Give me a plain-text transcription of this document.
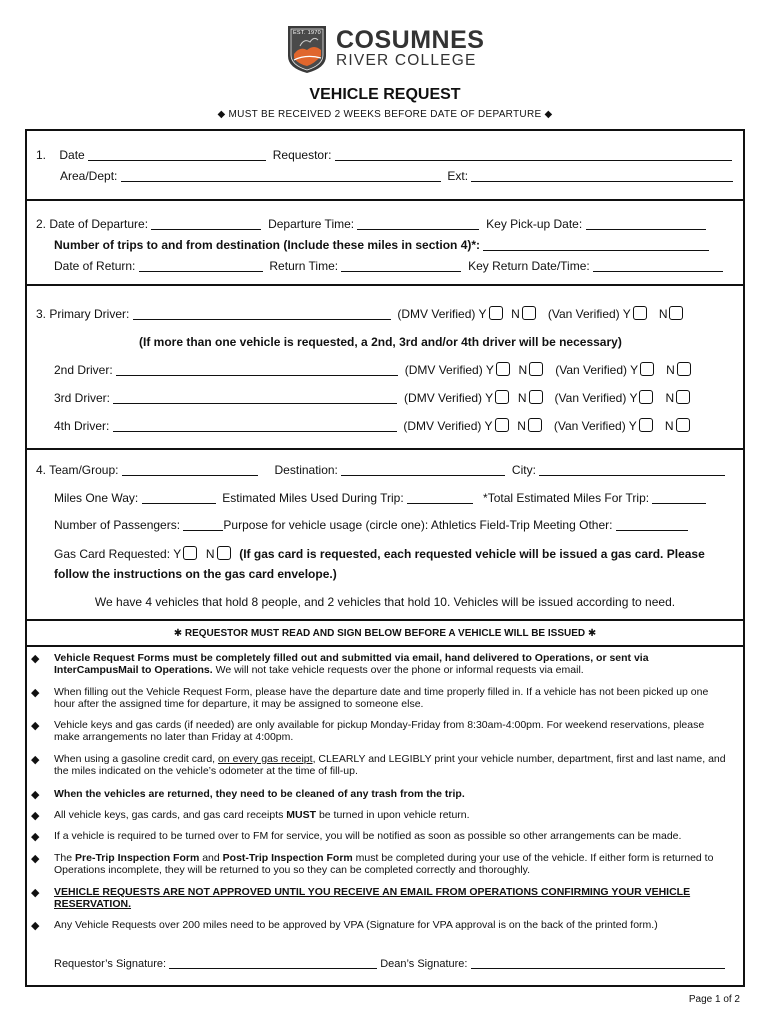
EST. 1970 COSUMNES
RIVER COLLEGE
VEHICLE REQUEST
◆ MUST BE RECEIVED 2 WEEKS BEFORE DATE OF DEPARTURE ◆
1. Date	Requestor:
Area/Dept:	Ext:
2. Date of Departure:	Departure Time:	Key Pick-up Date:
Number of trips to and from destination (Include these miles in section 4)*:
Date of Return:	Return Time:	Key Return Date/Time:
3. Primary Driver:	(DMV Verified) Y N (Van Verified) Y N
(If more than one vehicle is requested, a 2nd, 3rd and/or 4th driver will be necessary)
2nd Driver:	(DMV Verified) Y N (Van Verified) Y N
3rd Driver:	(DMV Verified) Y N (Van Verified) Y N
4th Driver:	(DMV Verified) Y N (Van Verified) Y N
4. Team/Group:	Destination:	City:
Miles One Way:	Estimated Miles Used During Trip:	*Total Estimated Miles For Trip:
Number of Passengers:	Purpose for vehicle usage (circle one): Athletics Field-Trip Meeting Other:
Gas Card Requested: Y N (If gas card is requested, each requested vehicle will be issued a gas card. Please
follow the instructions on the gas card envelope.)
We have 4 vehicles that hold 8 people, and 2 vehicles that hold 10. Vehicles will be issued according to need.
✱ REQUESTOR MUST READ AND SIGN BELOW BEFORE A VEHICLE WILL BE ISSUED ✱
◆ Vehicle Request Forms must be completely filled out and submitted via email, hand delivered to Operations, or sent via InterCampusMail to Operations. We will not take vehicle requests over the phone or informal requests via email.
◆ When filling out the Vehicle Request Form, please have the departure date and time properly filled in. If a vehicle has not been picked up one hour after the assigned time for departure, it may be assigned to someone else.
◆ Vehicle keys and gas cards (if needed) are only available for pickup Monday-Friday from 8:30am-4:00pm. For weekend reservations, please make arrangements no later than Friday at 4:00pm.
◆ When using a gasoline credit card, on every gas receipt, CLEARLY and LEGIBLY print your vehicle number, department, first and last name, and the miles indicated on the vehicle’s odometer at the time of fill-up.
◆ When the vehicles are returned, they need to be cleaned of any trash from the trip.
◆ All vehicle keys, gas cards, and gas card receipts MUST be turned in upon vehicle return.
◆ If a vehicle is required to be turned over to FM for service, you will be notified as soon as possible so other arrangements can be made.
◆ The Pre-Trip Inspection Form and Post-Trip Inspection Form must be completed during your use of the vehicle. If either form is returned to Operations incomplete, they will be returned to you so they can be completed correctly and thoroughly.
◆ VEHICLE REQUESTS ARE NOT APPROVED UNTIL YOU RECEIVE AN EMAIL FROM OPERATIONS CONFIRMING YOUR VEHICLE RESERVATION.
◆ Any Vehicle Requests over 200 miles need to be approved by VPA (Signature for VPA approval is on the back of the printed form.)
Requestor’s Signature:	Dean’s Signature:
Page 1 of 2
